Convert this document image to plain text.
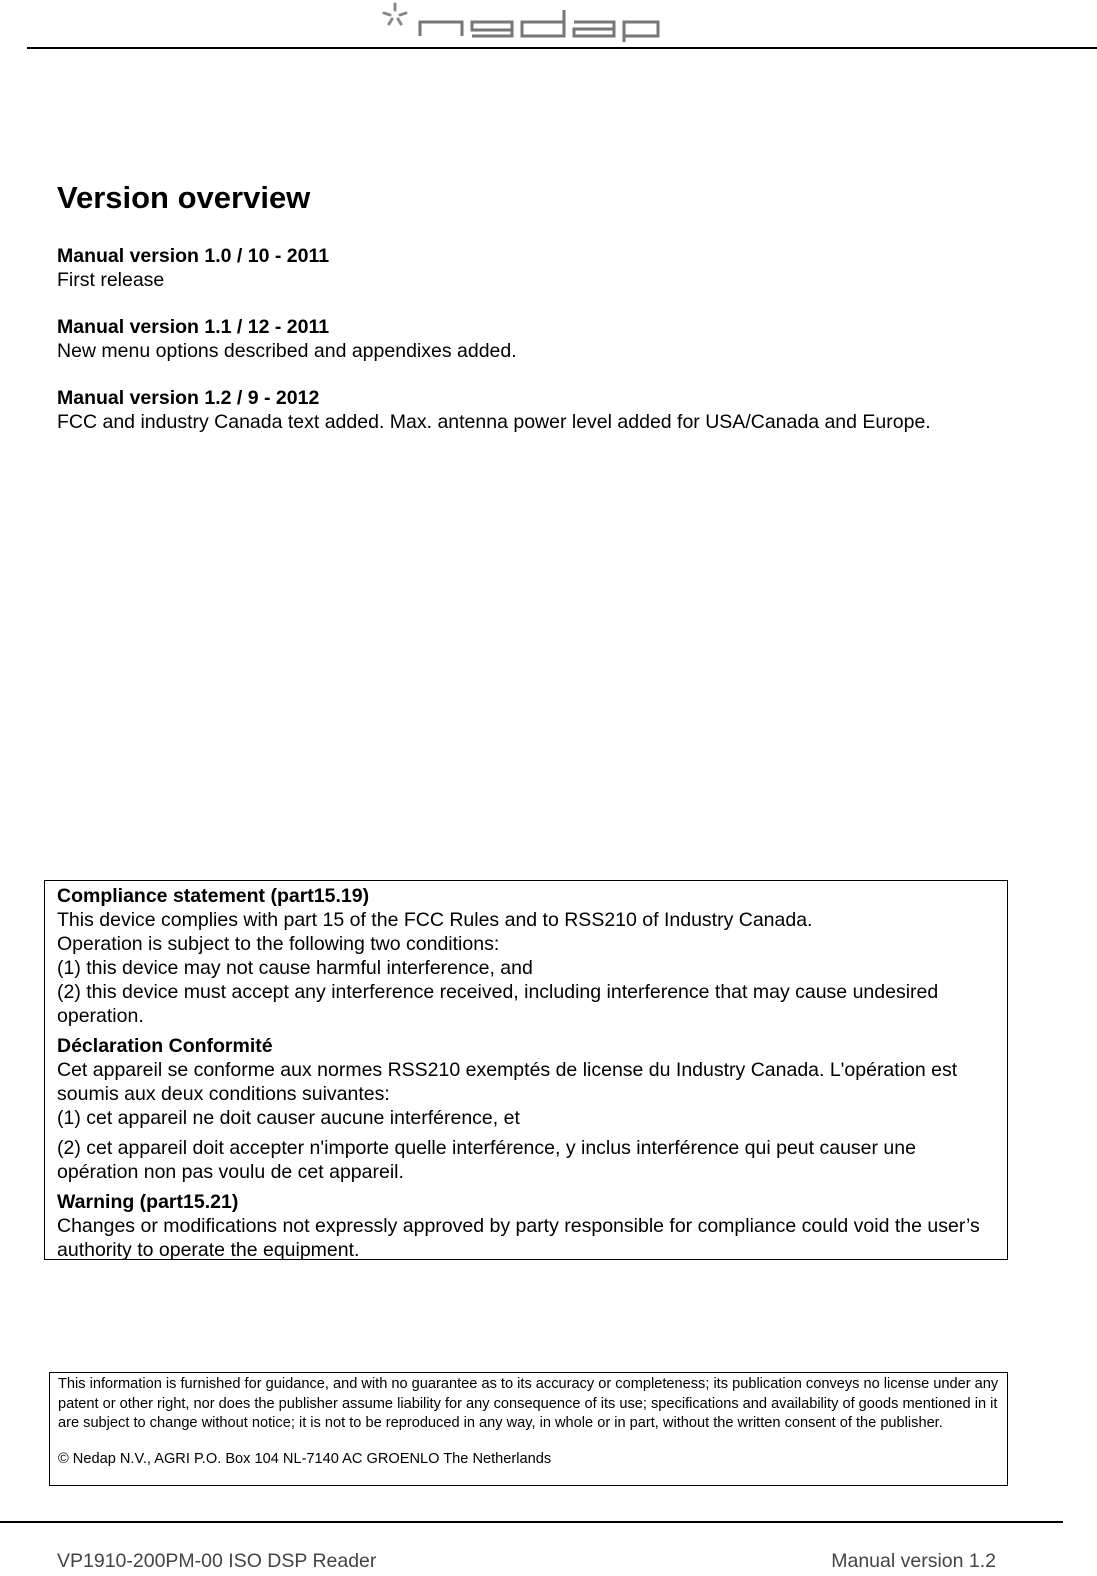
Version overview
Manual version 1.0 / 10 - 2011
First release
Manual version 1.1 / 12 - 2011
New menu options described and appendixes added.
Manual version 1.2 / 9 - 2012
FCC and industry Canada text added. Max. antenna power level added for USA/Canada and Europe.

Compliance statement (part15.19)

This device complies with part 15 of the FCC Rules and to RSS210 of Industry Canada.

Operation is subject to the following two conditions:

(1) this device may not cause harmful interference, and

(2) this device must accept any interference received, including interference that may cause undesired operation.

Déclaration Conformité

Cet appareil se conforme aux normes RSS210 exemptés de license du Industry Canada. L'opération est soumis aux deux conditions suivantes:

(1) cet appareil ne doit causer aucune interférence, et

(2) cet appareil doit accepter n'importe quelle interférence, y inclus interférence qui peut causer une opération non pas voulu de cet appareil.

Warning (part15.21)

Changes or modifications not expressly approved by party responsible for compliance could void the user’s authority to operate the equipment.

This information is furnished for guidance, and with no guarantee as to its accuracy or completeness; its publication conveys no license under any patent or other right, nor does the publisher assume liability for any consequence of its use; specifications and availability of goods mentioned in it are subject to change without notice; it is not to be reproduced in any way, in whole or in part, without the written consent of the publisher.

© Nedap N.V., AGRI P.O. Box 104 NL-7140 AC GROENLO The Netherlands

VP1910-200PM-00 ISO DSP Reader	Manual version 1.2
